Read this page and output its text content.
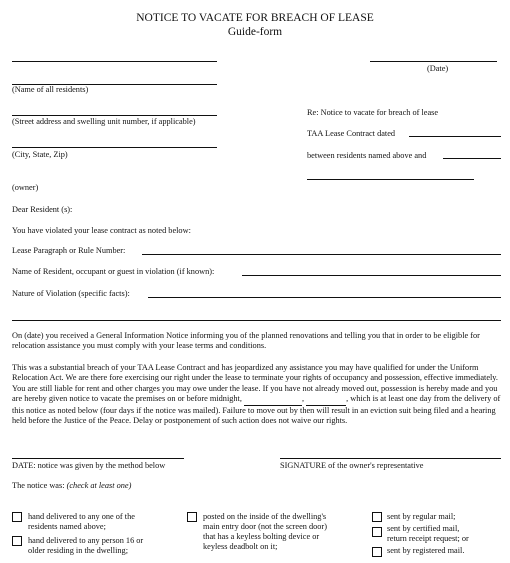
NOTICE TO VACATE FOR BREACH OF LEASE
Guide-form
(Name of all residents)
(Street address and swelling unit number, if applicable)
(City, State, Zip)
(owner)
(Date)
Re: Notice to vacate for breach of lease
TAA Lease Contract dated
between residents named above and
Dear Resident (s):
You have violated your lease contract as noted below:
Lease Paragraph or Rule Number:
Name of Resident, occupant or guest in violation (if known):
Nature of Violation (specific facts):
On (date) you received a General Information Notice informing you of the planned renovations and telling you that in order to be eligible for relocation assistance you must comply with your lease terms and conditions.
This was a substantial breach of your TAA Lease Contract and has jeopardized any assistance you may have qualified for under the Uniform Relocation Act. We are there fore exercising our right under the lease to terminate your rights of occupancy and possession, effective immediately. You are still liable for rent and other charges you may owe under the lease. If you have not already moved out, possession is hereby made and you are hereby given notice to vacate the premises on or before midnight,	,	, which is at least one day from the delivery of this notice as noted below (four days if the notice was mailed). Failure to move out by then will result in an eviction suit being filed and a hearing held before the Justice of the Peace. Delay or postponement of such action does not waive our rights.
DATE: notice was given by the method below	SIGNATURE of the owner's representative
The notice was: (check at least one)
hand delivered to any one of the
residents named above;
hand delivered to any person 16 or
older residing in the dwelling;
posted on the inside of the dwelling's
main entry door (not the screen door)
that has a keyless bolting device or
keyless deadbolt on it;
sent by regular mail;
sent by certified mail,
return receipt request; or
sent by registered mail.
